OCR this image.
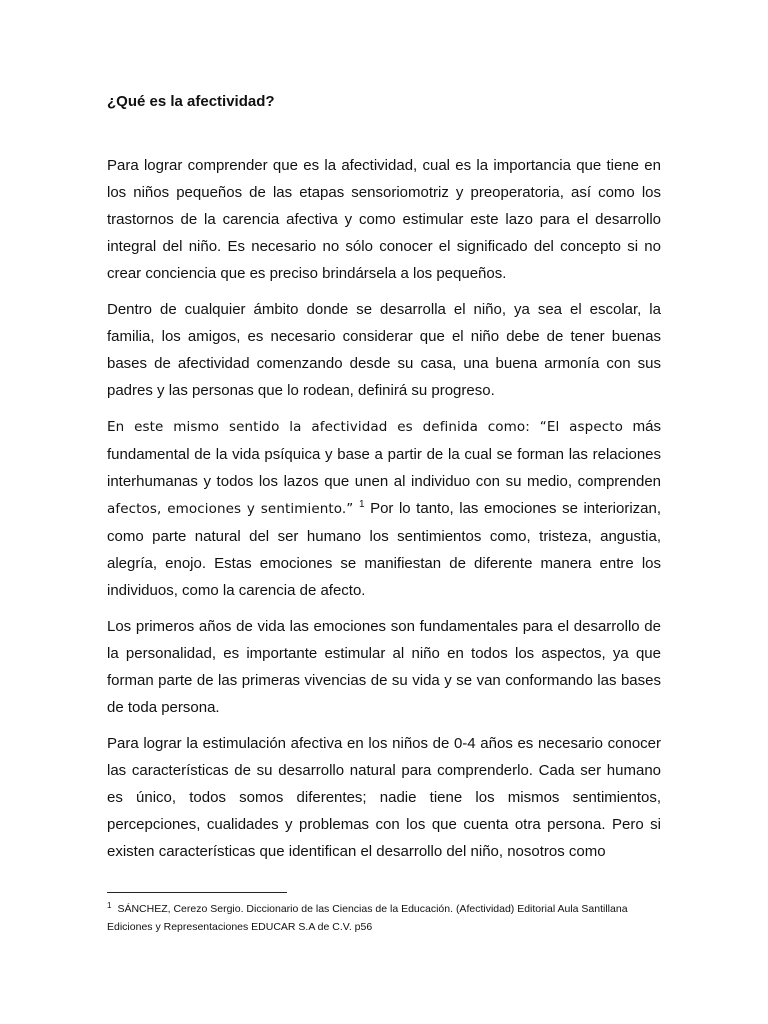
¿Qué es la afectividad?

Para lograr comprender que es la afectividad, cual es la importancia que tiene en los niños pequeños de las etapas sensoriomotriz y preoperatoria, así como los trastornos de la carencia afectiva y como estimular este lazo para el desarrollo integral del niño. Es necesario no sólo conocer el significado del concepto si no crear conciencia que es preciso brindársela a los pequeños.

Dentro de cualquier ámbito donde se desarrolla el niño, ya sea el escolar, la familia, los amigos, es necesario considerar que el niño debe de tener buenas bases de afectividad comenzando desde su casa, una buena armonía con sus padres y las personas que lo rodean, definirá su progreso.

En este mismo sentido la afectividad es definida como: “El aspecto más fundamental de la vida psíquica y base a partir de la cual se forman las relaciones interhumanas y todos los lazos que unen al individuo con su medio, comprenden afectos, emociones y sentimiento.” $^1$ Por lo tanto, las emociones se interiorizan, como parte natural del ser humano los sentimientos como, tristeza, angustia, alegría, enojo. Estas emociones se manifiestan de diferente manera entre los individuos, como la carencia de afecto.

Los primeros años de vida las emociones son fundamentales para el desarrollo de la personalidad, es importante estimular al niño en todos los aspectos, ya que forman parte de las primeras vivencias de su vida y se van conformando las bases de toda persona.

Para lograr la estimulación afectiva en los niños de 0-4 años es necesario conocer las características de su desarrollo natural para comprenderlo. Cada ser humano es único, todos somos diferentes; nadie tiene los mismos sentimientos, percepciones, cualidades y problemas con los que cuenta otra persona. Pero si existen características que identifican el desarrollo del niño, nosotros como

$^1$ SÁNCHEZ, Cerezo Sergio. Diccionario de las Ciencias de la Educación. (Afectividad) Editorial Aula Santillana Ediciones y Representaciones EDUCAR S.A de C.V. p56
